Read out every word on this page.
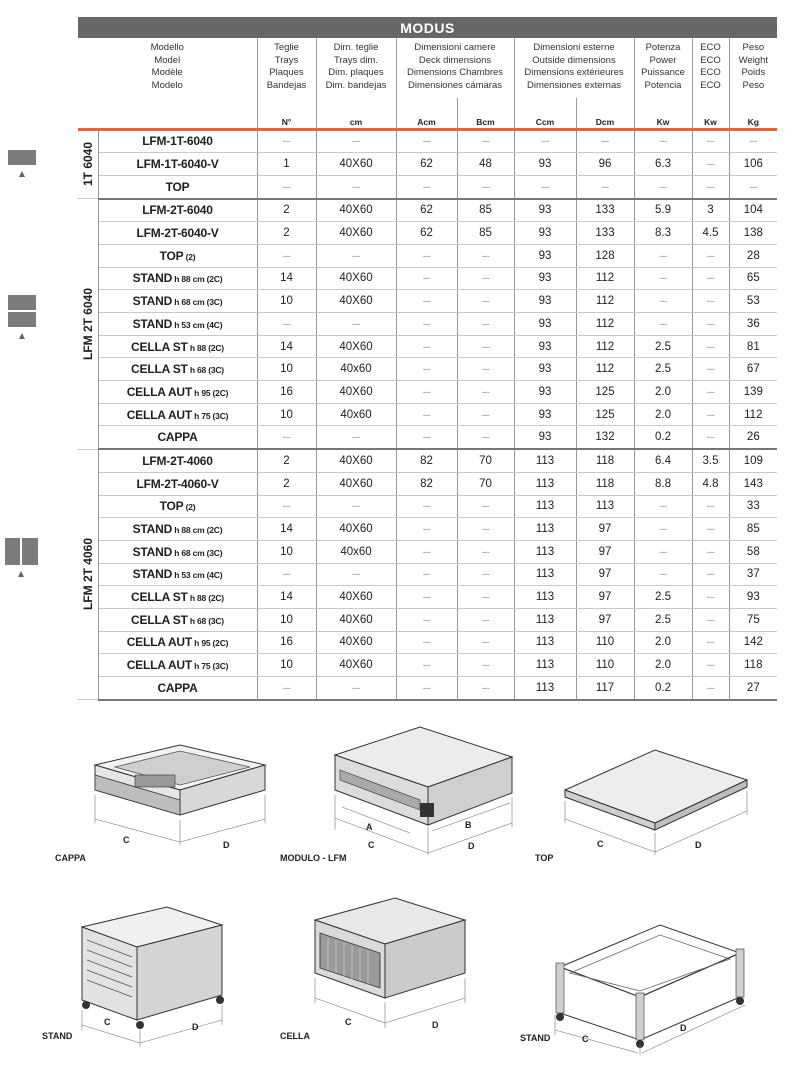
MODUS										

Modello
Model
Modèle
Modelo		Teglie
Trays
Plaques
Bandejas	Dim. teglie
Trays dim.
Dim. plaques
Dim. bandejas	Dimensioni camere
Deck dimensions
Dimensions Chambres
Dimensiones cámaras		Dimensioni esterne
Outside dimensions
Dimensions extérieures
Dimensiones externas		Potenza
Power
Puissance
Potencia	ECO
ECO
ECO
ECO	Peso
Weight
Poids
Peso

		N°	cm	Acm	Bcm	Ccm	Dcm	Kw	Kw	Kg

1T 6040	LFM-1T-6040	---	---	---	---	---	---	---	---	---
	LFM-1T-6040-V	1	40X60	62	48	93	96	6.3	---	106
	TOP	---	---	---	---	---	---	---	---	---

LFM 2T 6040	LFM-2T-6040	2	40X60	62	85	93	133	5.9	3	104
	LFM-2T-6040-V	2	40X60	62	85	93	133	8.3	4.5	138
	TOP (2)	---	---	---	---	93	128	---	---	28
	STAND h 88 cm (2C)	14	40X60	---	---	93	112	---	---	65
	STAND h 68 cm (3C)	10	40X60	---	---	93	112	---	---	53
	STAND h 53 cm (4C)	---	---	---	---	93	112	---	---	36
	CELLA ST h 88 (2C)	14	40X60	---	---	93	112	2.5	---	81
	CELLA ST h 68 (3C)	10	40x60	---	---	93	112	2.5	---	67
	CELLA AUT h 95 (2C)	16	40X60	---	---	93	125	2.0	---	139
	CELLA AUT h 75 (3C)	10	40x60	---	---	93	125	2.0	---	112
	CAPPA	---	---	---	---	93	132	0.2	---	26

LFM 2T 4060	LFM-2T-4060	2	40X60	82	70	113	118	6.4	3.5	109
	LFM-2T-4060-V	2	40X60	82	70	113	118	8.8	4.8	143
	TOP (2)	---	---	---	---	113	113	---	---	33
	STAND h 88 cm (2C)	14	40X60	---	---	113	97	---	---	85
	STAND h 68 cm (3C)	10	40x60	---	---	113	97	---	---	58
	STAND h 53 cm (4C)	---	---	---	---	113	97	---	---	37
	CELLA ST h 88 (2C)	14	40X60	---	---	113	97	2.5	---	93
	CELLA ST h 68 (3C)	10	40X60	---	---	113	97	2.5	---	75
	CELLA AUT h 95 (2C)	16	40X60	---	---	113	110	2.0	---	142
	CELLA AUT h 75 (3C)	10	40X60	---	---	113	110	2.0	---	118
	CAPPA	---	---	---	---	113	117	0.2	---	27
C	D
CAPPA
A	B
C	D
MODULO - LFM
C	D
TOP
C	D
STAND
C	D
CELLA	C
D
STAND
